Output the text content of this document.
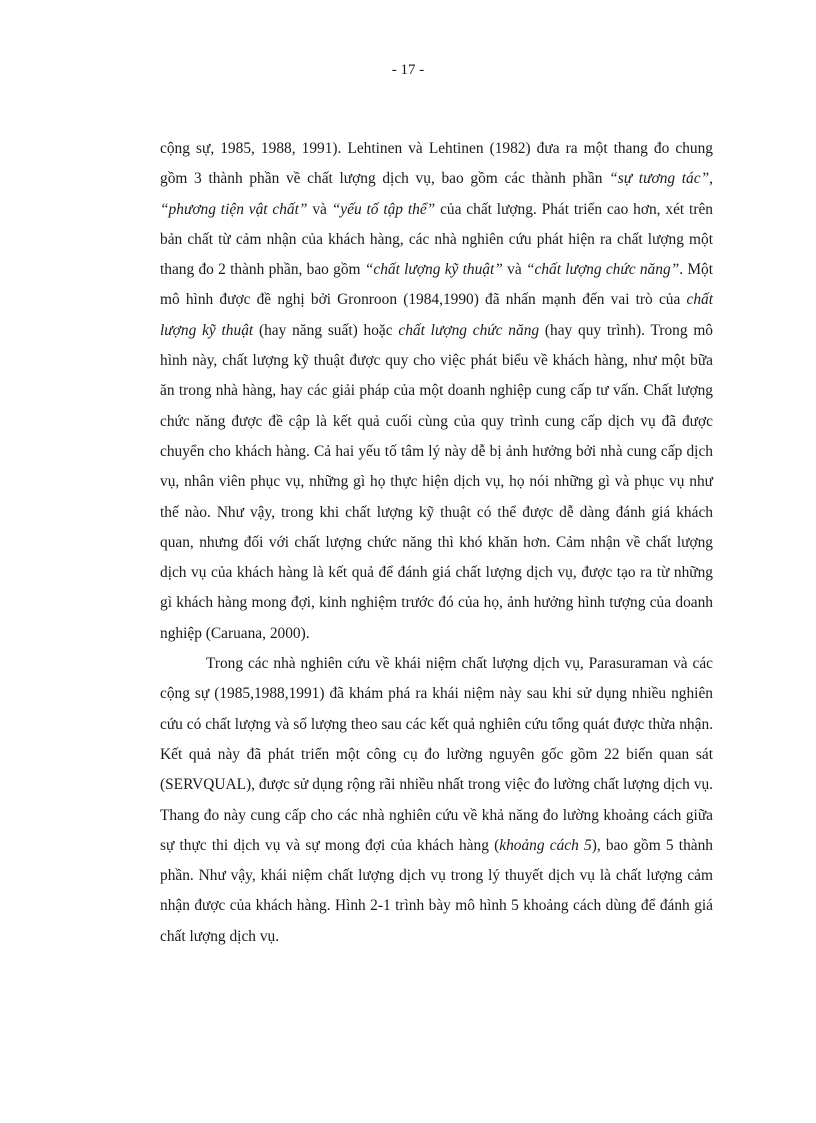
- 17 -

cộng sự, 1985, 1988, 1991). Lehtinen và Lehtinen (1982) đưa ra một thang đo chung gồm 3 thành phần về chất lượng dịch vụ, bao gồm các thành phần “sự tương tác”, “phương tiện vật chất” và “yếu tố tập thể” của chất lượng. Phát triển cao hơn, xét trên bản chất từ cảm nhận của khách hàng, các nhà nghiên cứu phát hiện ra chất lượng một thang đo 2 thành phần, bao gồm “chất lượng kỹ thuật” và “chất lượng chức năng”. Một mô hình được đề nghị bởi Gronroon (1984,1990) đã nhấn mạnh đến vai trò của chất lượng kỹ thuật (hay năng suất) hoặc chất lượng chức năng (hay quy trình). Trong mô hình này, chất lượng kỹ thuật được quy cho việc phát biểu về khách hàng, như một bữa ăn trong nhà hàng, hay các giải pháp của một doanh nghiệp cung cấp tư vấn. Chất lượng chức năng được đề cập là kết quả cuối cùng của quy trình cung cấp dịch vụ đã được chuyển cho khách hàng. Cả hai yếu tố tâm lý này dễ bị ảnh hưởng bởi nhà cung cấp dịch vụ, nhân viên phục vụ, những gì họ thực hiện dịch vụ, họ nói những gì và phục vụ như thế nào. Như vậy, trong khi chất lượng kỹ thuật có thể được dễ dàng đánh giá khách quan, nhưng đối với chất lượng chức năng thì khó khăn hơn. Cảm nhận về chất lượng dịch vụ của khách hàng là kết quả để đánh giá chất lượng dịch vụ, được tạo ra từ những gì khách hàng mong đợi, kinh nghiệm trước đó của họ, ảnh hưởng hình tượng của doanh nghiệp (Caruana, 2000).

Trong các nhà nghiên cứu về khái niệm chất lượng dịch vụ, Parasuraman và các cộng sự (1985,1988,1991) đã khám phá ra khái niệm này sau khi sử dụng nhiều nghiên cứu có chất lượng và số lượng theo sau các kết quả nghiên cứu tổng quát được thừa nhận. Kết quả này đã phát triển một công cụ đo lường nguyên gốc gồm 22 biến quan sát (SERVQUAL), được sử dụng rộng rãi nhiều nhất trong việc đo lường chất lượng dịch vụ. Thang đo này cung cấp cho các nhà nghiên cứu về khả năng đo lường khoảng cách giữa sự thực thi dịch vụ và sự mong đợi của khách hàng (khoảng cách 5), bao gồm 5 thành phần. Như vậy, khái niệm chất lượng dịch vụ trong lý thuyết dịch vụ là chất lượng cảm nhận được của khách hàng. Hình 2-1 trình bày mô hình 5 khoảng cách dùng để đánh giá chất lượng dịch vụ.
